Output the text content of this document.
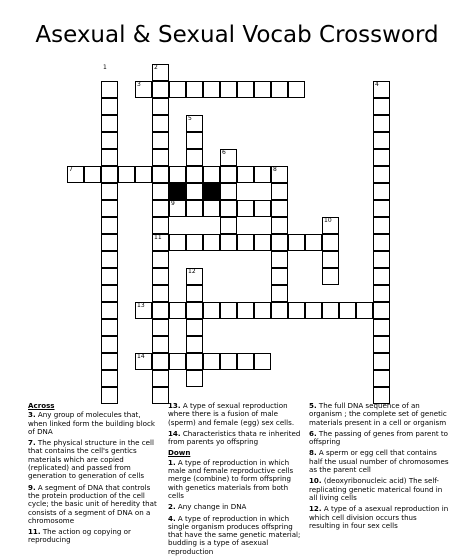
Asexual & Sexual Vocab Crossword
1	2
3	4
5
6
7	8
9
10
11
12
13
14

Across

3. Any group of molecules that, when linked form the building block of DNA

7. The physical structure in the cell that contains the cell's gentics materials which are copied (replicated) and passed from generation to generation of cells

9. A segment of DNA that controls the protein production of the cell cycle; the basic unit of heredity that consists of a segment of DNA on a chromosome

11. The action og copying or reproducing

13. A type of sexual reproduction where there is a fusion of male (sperm) and female (egg) sex cells.

14. Characteristics thata re inherited from parents yo offspring

Down

1. A type of reproduction in which male and female reproductive cells merge (combine) to form offspring with genetics materials from both cells

2. Any change in DNA

4. A type of reproduction in which single organism produces offspring that have the same genetic material; budding is a type of asexual reproduction

5. The full DNA sequence of an organism ; the complete set of genetic materials present in a cell or organism

6. The passing of genes from parent to offspring

8. A sperm or egg cell that contains half the usual number of chromosomes as the parent cell

10. (deoxyribonucleic acid) The self-replicating genetic materical found in all living cells

12. A type of a asexual reproduction in which cell division occurs thus resulting in four sex cells
